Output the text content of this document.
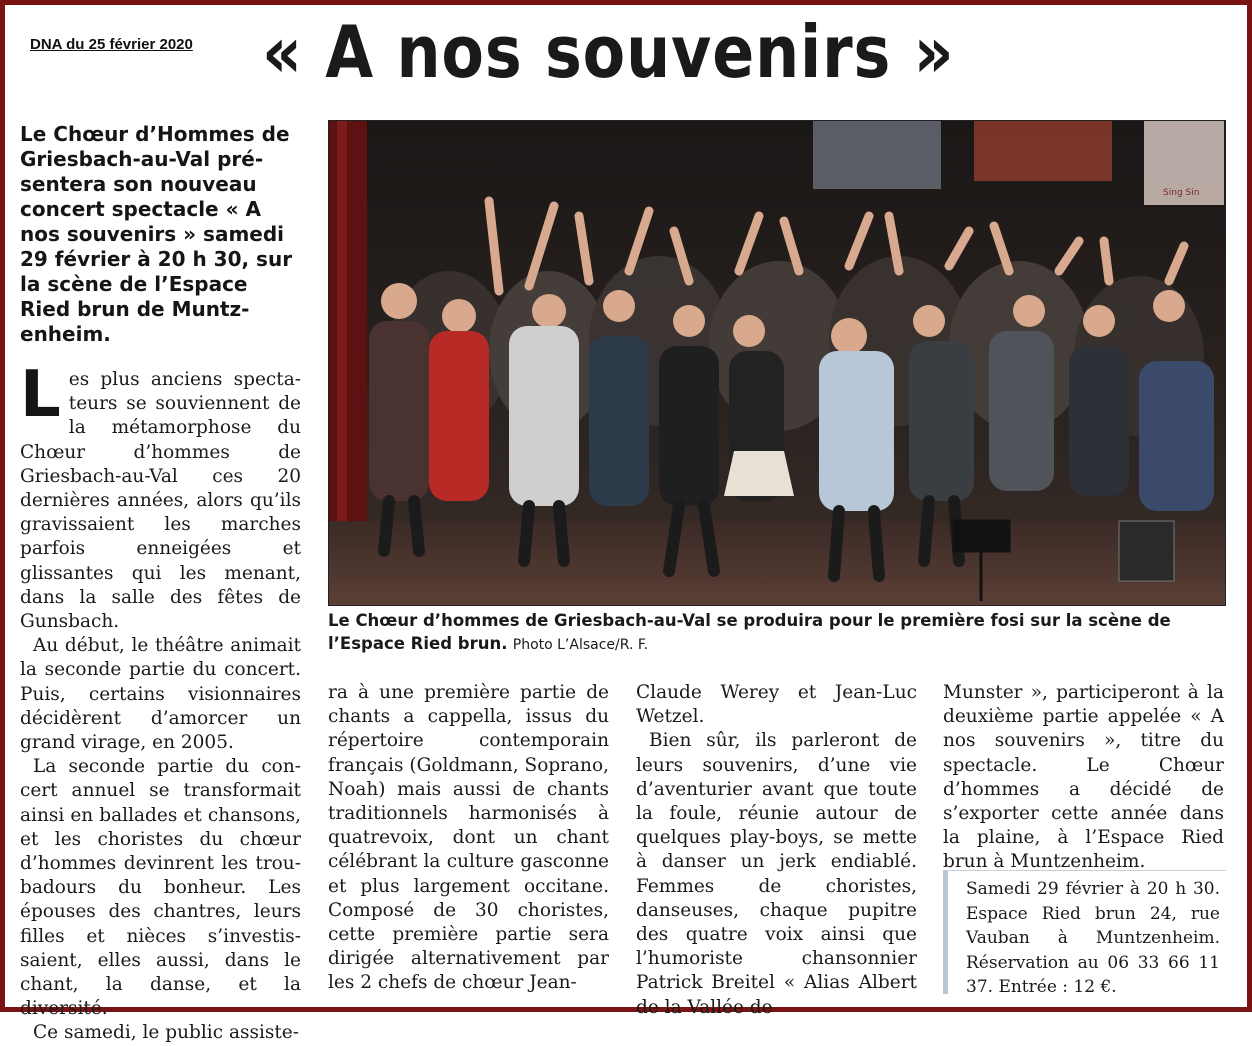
DNA du 25 février 2020 « A nos souvenirs »
Le Chœur d’Hommes de Griesbach-au-Val présentera son nouveau concert spectacle « A nos souvenirs » samedi 29 février à 20 h 30, sur la scène de l’Espace Ried brun de Muntzenheim.

Les plus anciens spectateurs se souviennent de la métamorphose du Chœur d’hommes de Griesbach-au-Val ces 20 dernières années, alors qu’ils gravissaient les marches parfois enneigées et glissantes qui les menant, dans la salle des fêtes de Gunsbach.

Au début, le théâtre animait la seconde partie du concert. Puis, certains visionnaires décidèrent d’amorcer un grand virage, en 2005.

La seconde partie du concert annuel se transformait ainsi en ballades et chansons, et les choristes du chœur d’hommes devinrent les troubadours du bonheur. Les épouses des chantres, leurs filles et nièces s’investissaient, elles aussi, dans le chant, la danse, et la diversité.

Ce samedi, le public assiste-

Sing Sin
Le Chœur d’hommes de Griesbach-au-Val se produira pour le première fosi sur la scène de l’Espace Ried brun. Photo L’Alsace/R. F.

ra à une première partie de chants a cappella, issus du répertoire contemporain français (Goldmann, Soprano, Noah) mais aussi de chants traditionnels harmonisés à quatrevoix, dont un chant célébrant la culture gasconne et plus largement occitane. Composé de 30 choristes, cette première partie sera dirigée alternativement par les 2 chefs de chœur Jean-

Claude Werey et Jean-Luc Wetzel.

Bien sûr, ils parleront de leurs souvenirs, d’une vie d’aventurier avant que toute la foule, réunie autour de quelques play-boys, se mette à danser un jerk endiablé. Femmes de choristes, danseuses, chaque pupitre des quatre voix ainsi que l’humoriste chansonnier Patrick Breitel « Alias Albert de la Vallée de

Munster », participeront à la deuxième partie appelée « A nos souvenirs », titre du spectacle. Le Chœur d’hommes a décidé de s’exporter cette année dans la plaine, à l’Espace Ried brun à Muntzenheim.

Samedi 29 février à 20 h 30. Espace Ried brun 24, rue Vauban à Muntzenheim. Réservation au 06 33 66 11 37. Entrée : 12 €.
